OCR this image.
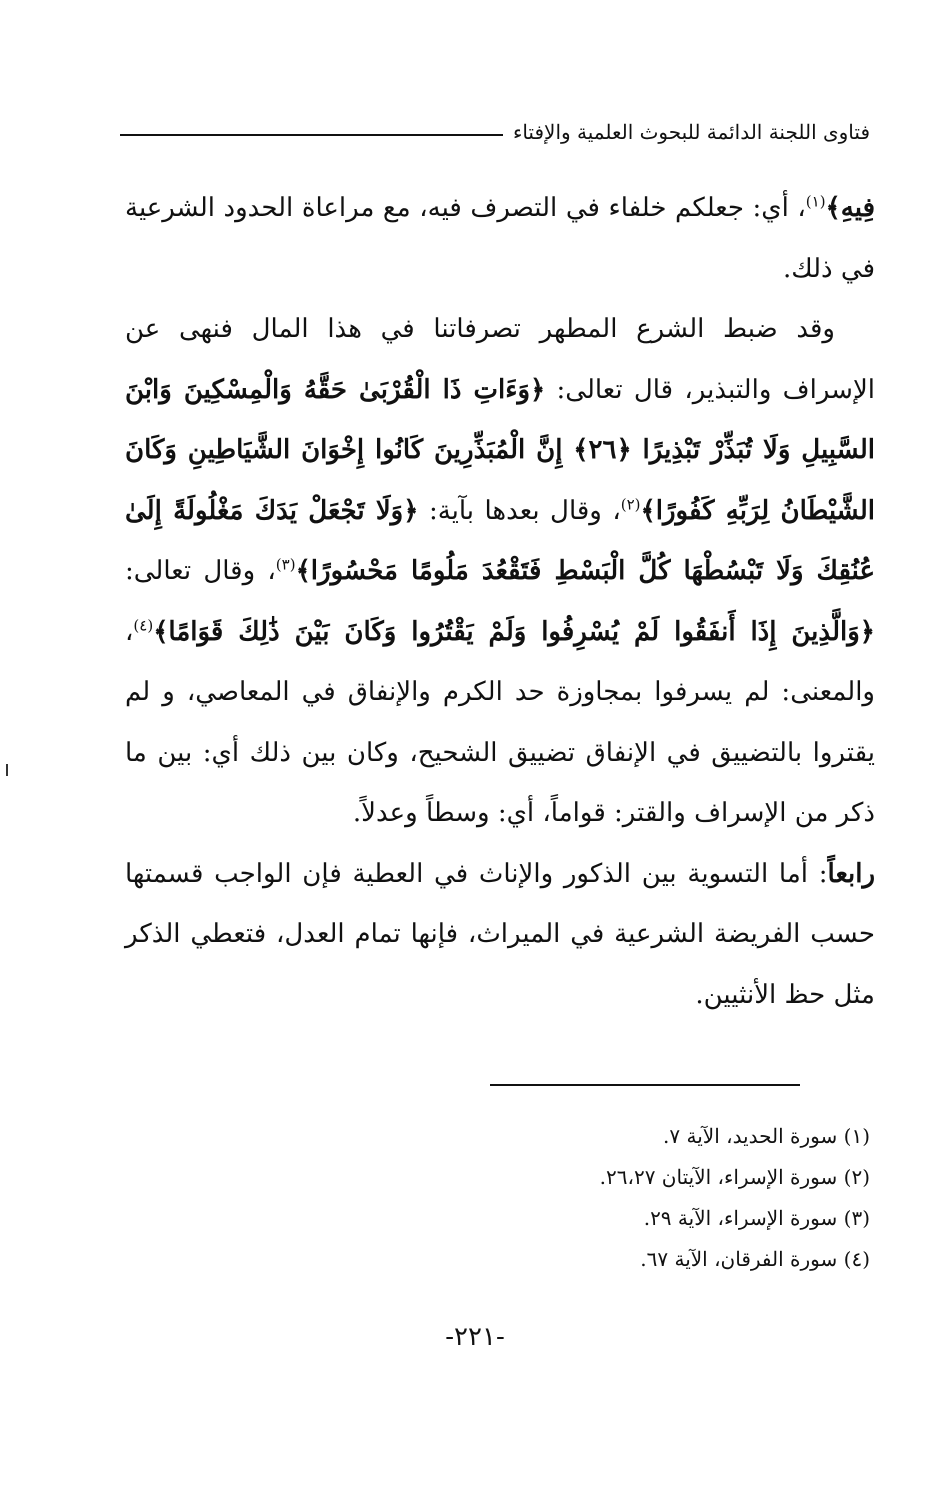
فتاوى اللجنة الدائمة للبحوث العلمية والإفتاء

فِيهِ﴾$^{(١)}$، أي: جعلكم خلفاء في التصرف فيه، مع مراعاة الحدود الشرعية في ذلك.

وقد ضبط الشرع المطهر تصرفاتنا في هذا المال فنهى عن الإسراف والتبذير، قال تعالى: ﴿وَءَاتِ ذَا الْقُرْبَىٰ حَقَّهُ وَالْمِسْكِينَ وَابْنَ السَّبِيلِ وَلَا تُبَذِّرْ تَبْذِيرًا ﴿٢٦﴾ إِنَّ الْمُبَذِّرِينَ كَانُوا إِخْوَانَ الشَّيَاطِينِ وَكَانَ الشَّيْطَانُ لِرَبِّهِ كَفُورًا﴾$^{(٢)}$، وقال بعدها بآية: ﴿وَلَا تَجْعَلْ يَدَكَ مَغْلُولَةً إِلَىٰ عُنُقِكَ وَلَا تَبْسُطْهَا كُلَّ الْبَسْطِ فَتَقْعُدَ مَلُومًا مَحْسُورًا﴾$^{(٣)}$، وقال تعالى: ﴿وَالَّذِينَ إِذَا أَنفَقُوا لَمْ يُسْرِفُوا وَلَمْ يَقْتُرُوا وَكَانَ بَيْنَ ذَٰلِكَ قَوَامًا﴾$^{(٤)}$، والمعنى: لم يسرفوا بمجاوزة حد الكرم والإنفاق في المعاصي، و لم يقتروا بالتضييق في الإنفاق تضييق الشحيح، وكان بين ذلك أي: بين ما ذكر من الإسراف والقتر: قواماً، أي: وسطاً وعدلاً.

رابعاً: أما التسوية بين الذكور والإناث في العطية فإن الواجب قسمتها حسب الفريضة الشرعية في الميراث، فإنها تمام العدل، فتعطي الذكر مثل حظ الأنثيين.

(١) سورة الحديد، الآية ٧.
(٢) سورة الإسراء، الآيتان ٢٦،٢٧.
(٣) سورة الإسراء، الآية ٢٩.
(٤) سورة الفرقان، الآية ٦٧.
-٢٢١-
